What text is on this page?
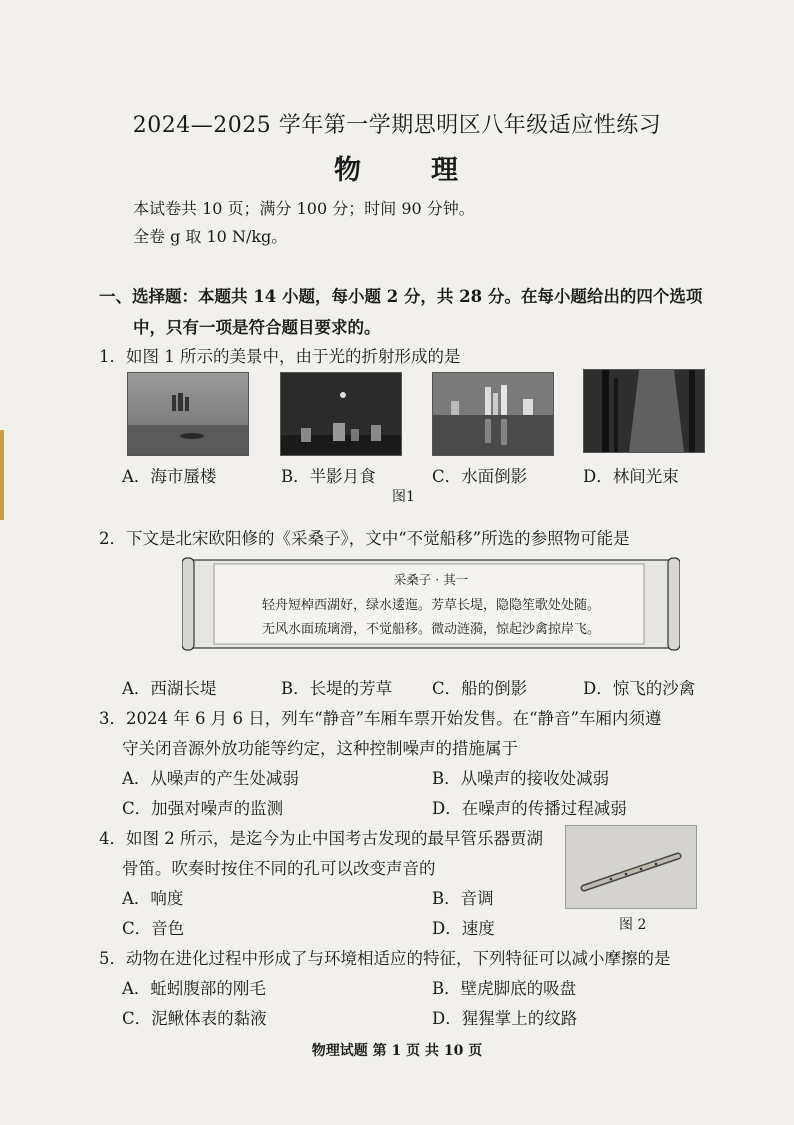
2024—2025 学年第一学期思明区八年级适应性练习
物	理
本试卷共 10 页；满分 100 分；时间 90 分钟。
全卷 g 取 10 N/kg。
一、选择题：本题共 14 小题，每小题 2 分，共 28 分。在每小题给出的四个选项
中，只有一项是符合题目要求的。
1．如图 1 所示的美景中，由于光的折射形成的是
A．海市蜃楼	B．半影月食	C．水面倒影	D．林间光束
图1
2．下文是北宋欧阳修的《采桑子》，文中“不觉船移”所选的参照物可能是
采桑子 · 其一
轻舟短棹西湖好，绿水逶迤。芳草长堤，隐隐笙歌处处随。
无风水面琉璃滑，不觉船移。微动涟漪，惊起沙禽掠岸飞。
A．西湖长堤	B．长堤的芳草 C．船的倒影	D．惊飞的沙禽
3．2024 年 6 月 6 日，列车“静音”车厢车票开始发售。在“静音”车厢内须遵
守关闭音源外放功能等约定，这种控制噪声的措施属于
A．从噪声的产生处减弱	B．从噪声的接收处减弱
C．加强对噪声的监测	D．在噪声的传播过程减弱
4．如图 2 所示，是迄今为止中国考古发现的最早管乐器贾湖
骨笛。吹奏时按住不同的孔可以改变声音的
A．响度	B．音调
C．音色	D．速度	图 2
5．动物在进化过程中形成了与环境相适应的特征，下列特征可以减小摩擦的是
A．蚯蚓腹部的刚毛	B．壁虎脚底的吸盘
C．泥鳅体表的黏液	D．猩猩掌上的纹路
物理试题 第 1 页 共 10 页
